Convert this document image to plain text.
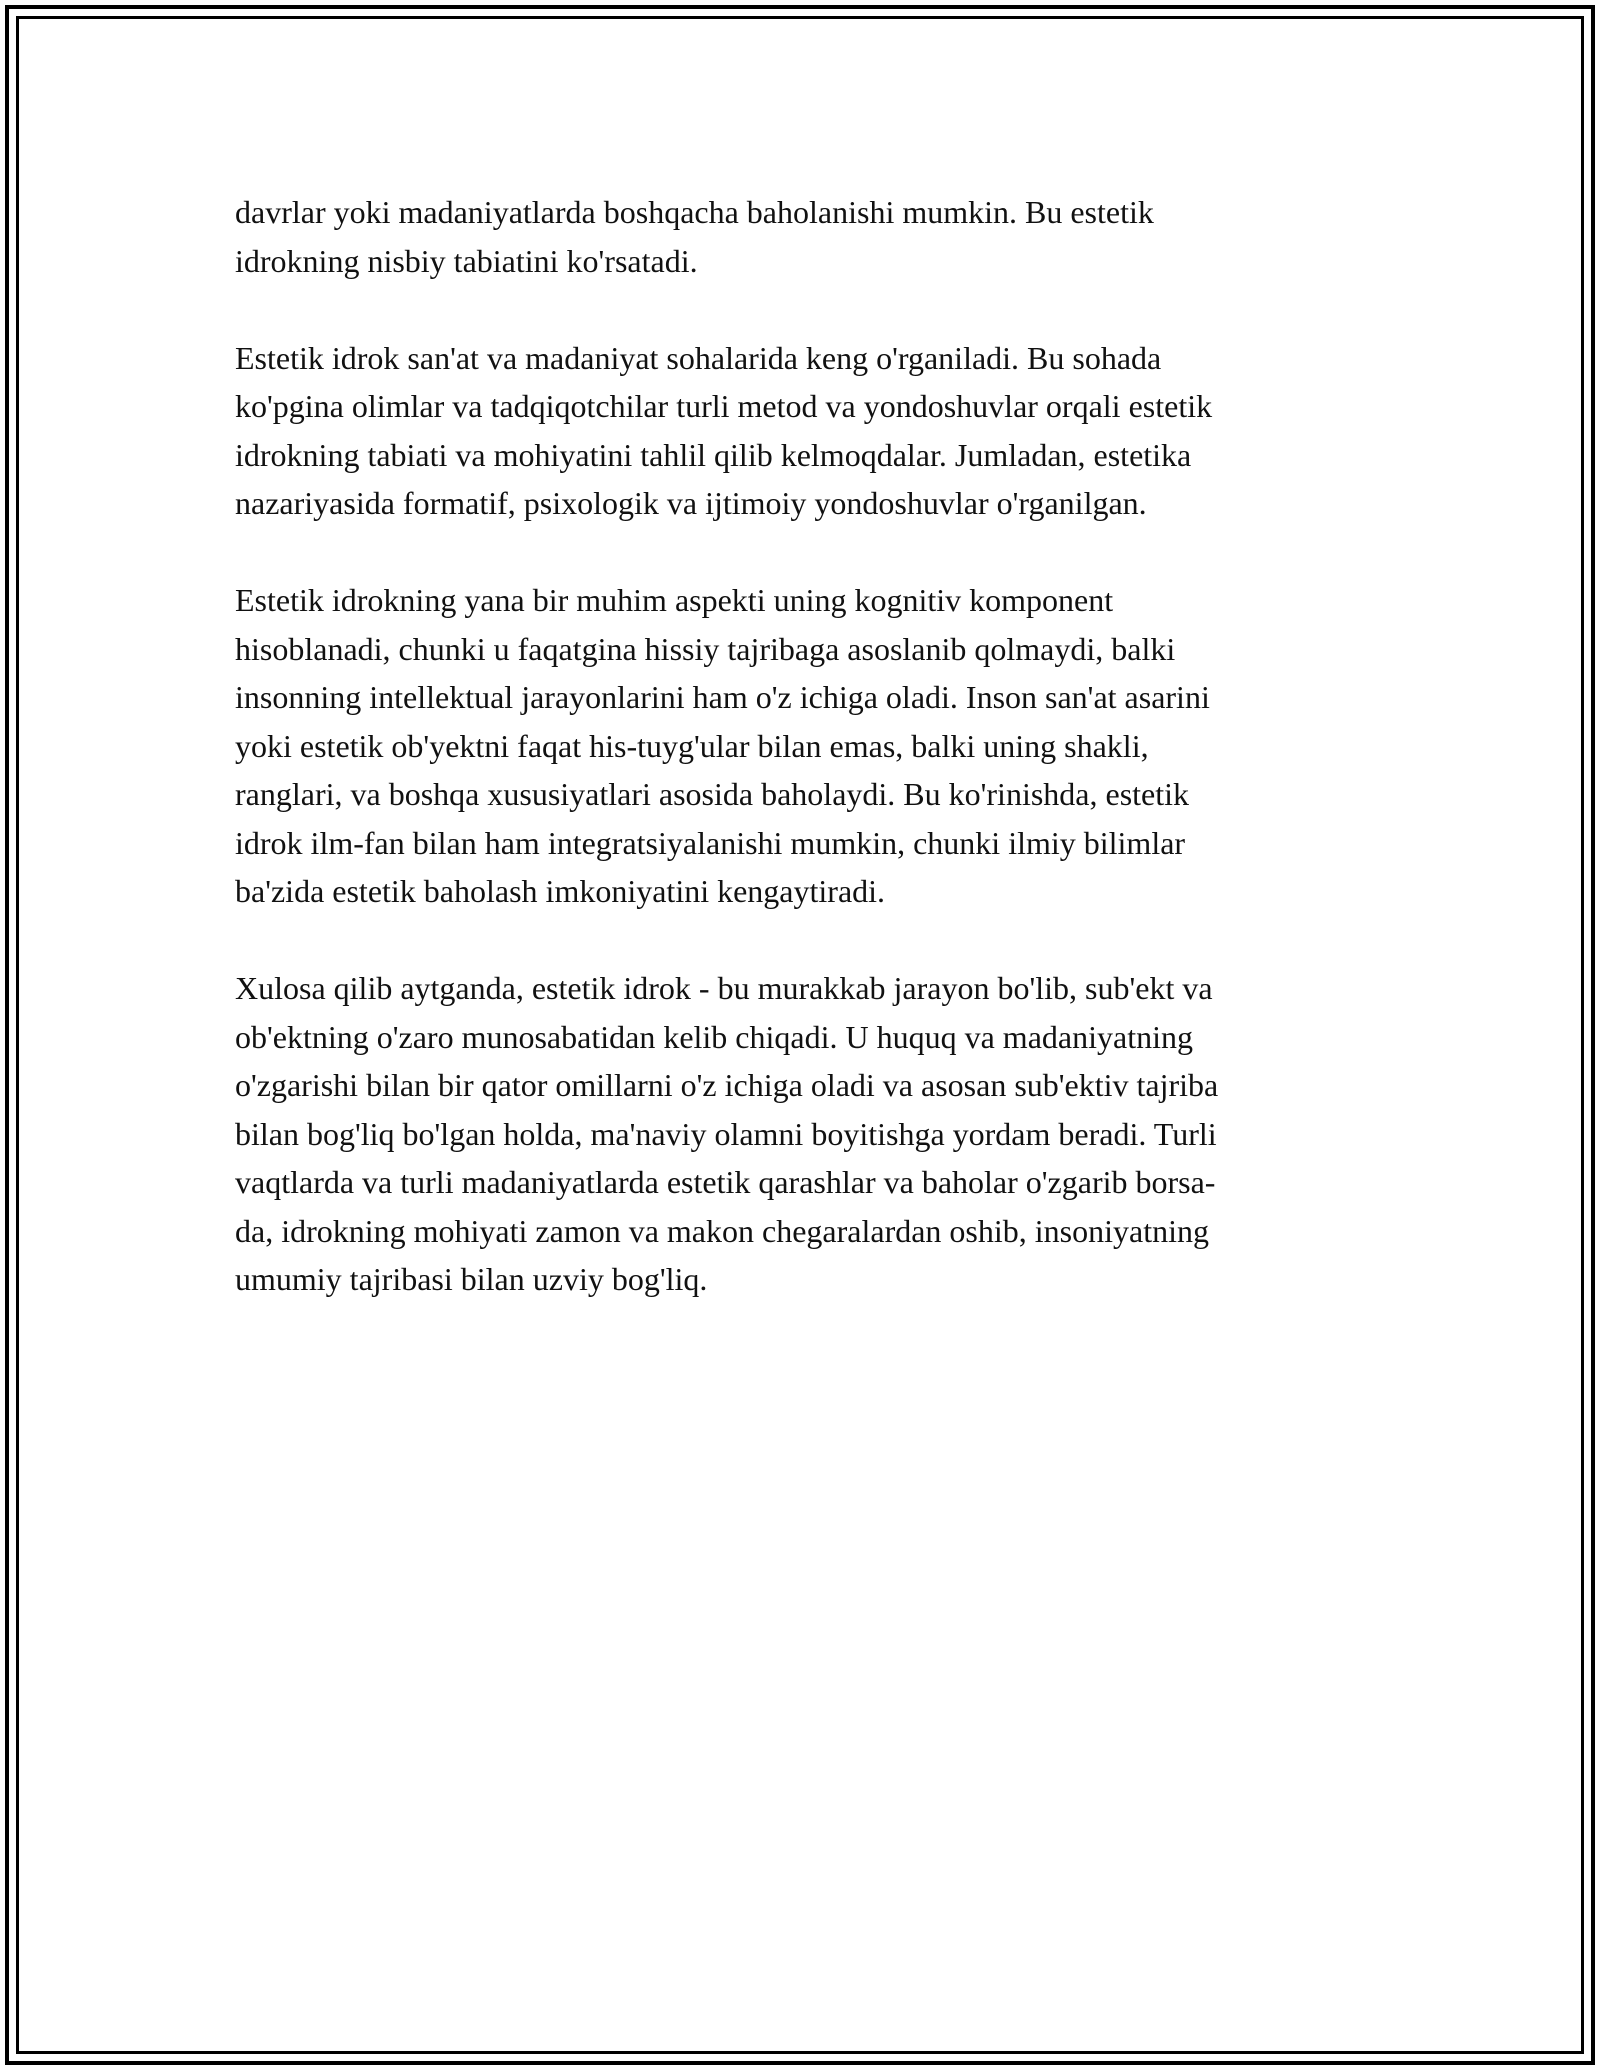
davrlar yoki madaniyatlarda boshqacha baholanishi mumkin. Bu estetik
idrokning nisbiy tabiatini ko'rsatadi.

Estetik idrok san'at va madaniyat sohalarida keng o'rganiladi. Bu sohada
ko'pgina olimlar va tadqiqotchilar turli metod va yondoshuvlar orqali estetik
idrokning tabiati va mohiyatini tahlil qilib kelmoqdalar. Jumladan, estetika
nazariyasida formatif, psixologik va ijtimoiy yondoshuvlar o'rganilgan.

Estetik idrokning yana bir muhim aspekti uning kognitiv komponent
hisoblanadi, chunki u faqatgina hissiy tajribaga asoslanib qolmaydi, balki
insonning intellektual jarayonlarini ham o'z ichiga oladi. Inson san'at asarini
yoki estetik ob'yektni faqat his-tuyg'ular bilan emas, balki uning shakli,
ranglari, va boshqa xususiyatlari asosida baholaydi. Bu ko'rinishda, estetik
idrok ilm-fan bilan ham integratsiyalanishi mumkin, chunki ilmiy bilimlar
ba'zida estetik baholash imkoniyatini kengaytiradi.

Xulosa qilib aytganda, estetik idrok - bu murakkab jarayon bo'lib, sub'ekt va
ob'ektning o'zaro munosabatidan kelib chiqadi. U huquq va madaniyatning
o'zgarishi bilan bir qator omillarni o'z ichiga oladi va asosan sub'ektiv tajriba
bilan bog'liq bo'lgan holda, ma'naviy olamni boyitishga yordam beradi. Turli
vaqtlarda va turli madaniyatlarda estetik qarashlar va baholar o'zgarib borsa-
da, idrokning mohiyati zamon va makon chegaralardan oshib, insoniyatning
umumiy tajribasi bilan uzviy bog'liq.
